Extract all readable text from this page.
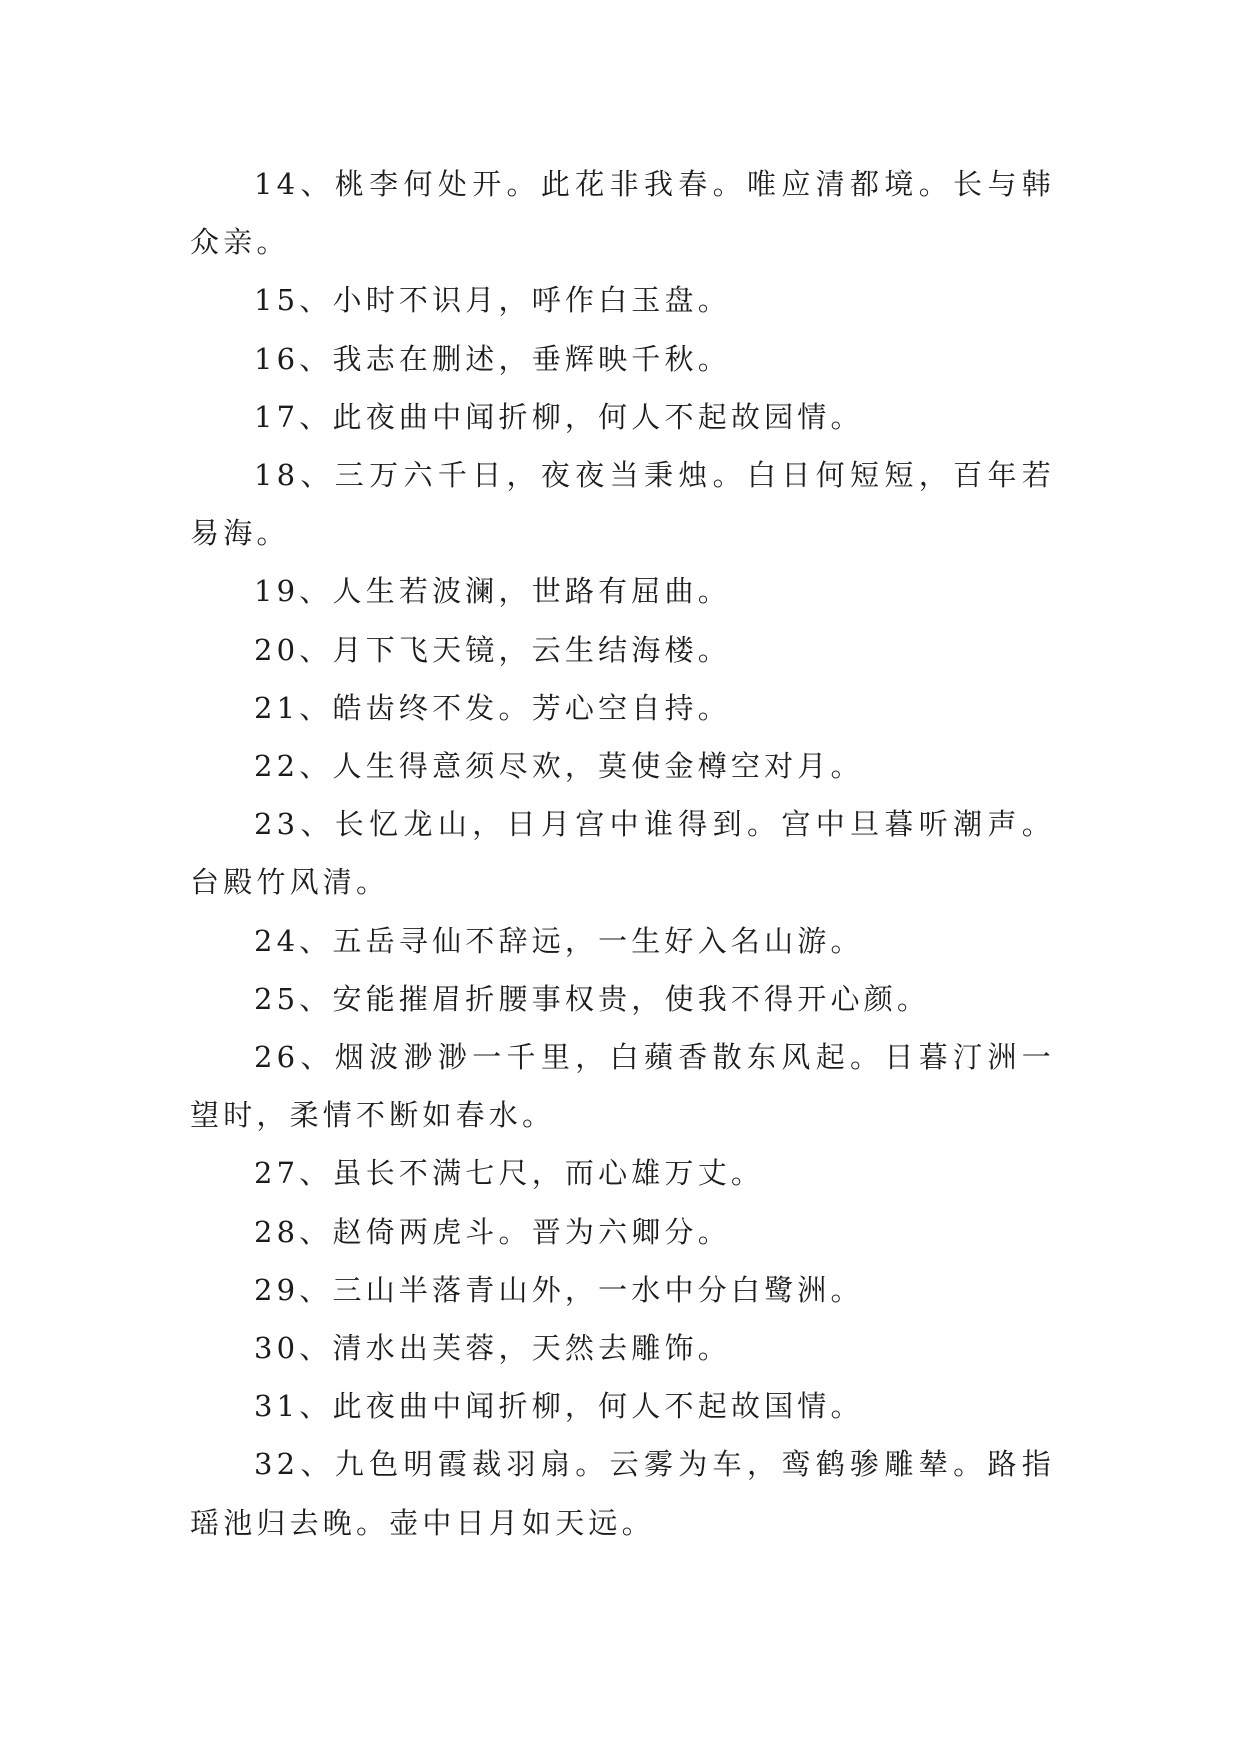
14、桃李何处开。此花非我春。唯应清都境。长与韩众亲。

15、小时不识月，呼作白玉盘。

16、我志在删述，垂辉映千秋。

17、此夜曲中闻折柳，何人不起故园情。

18、三万六千日，夜夜当秉烛。白日何短短，百年若易海。

19、人生若波澜，世路有屈曲。

20、月下飞天镜，云生结海楼。

21、皓齿终不发。芳心空自持。

22、人生得意须尽欢，莫使金樽空对月。

23、长忆龙山，日月宫中谁得到。宫中旦暮听潮声。台殿竹风清。

24、五岳寻仙不辞远，一生好入名山游。

25、安能摧眉折腰事权贵，使我不得开心颜。

26、烟波渺渺一千里，白蘋香散东风起。日暮汀洲一望时，柔情不断如春水。

27、虽长不满七尺，而心雄万丈。

28、赵倚两虎斗。晋为六卿分。

29、三山半落青山外，一水中分白鹭洲。

30、清水出芙蓉，天然去雕饰。

31、此夜曲中闻折柳，何人不起故国情。

32、九色明霞裁羽扇。云雾为车，鸾鹤骖雕辇。路指瑶池归去晚。壶中日月如天远。
